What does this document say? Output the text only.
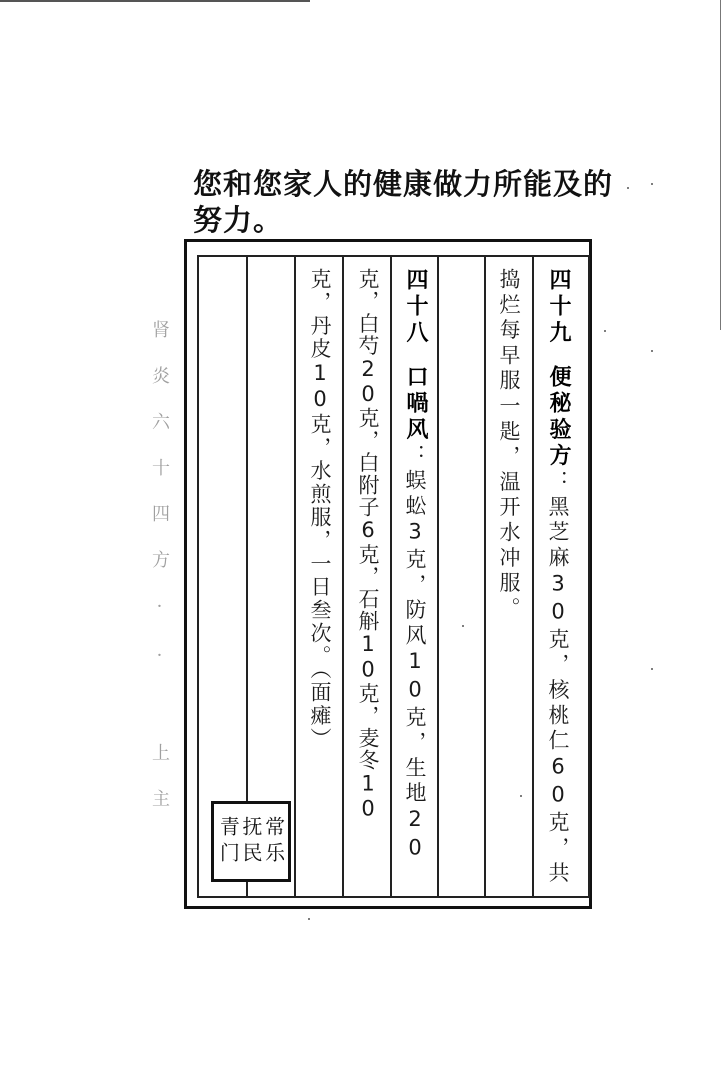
您和您家人的健康做力所能及的努力。
肾炎六十四方·· 上主
四十九便秘验方：黑芝麻30克，核桃仁60克，共
捣烂每早服一匙，温开水冲服。
四十八口喎风：蜈蚣3克，防风10克，生地20
克，白芍20克，白附子6克，石斛10克，麦冬10
克，丹皮10克，水煎服，一日叁次。（面瘫）
常乐
抚民
青门
